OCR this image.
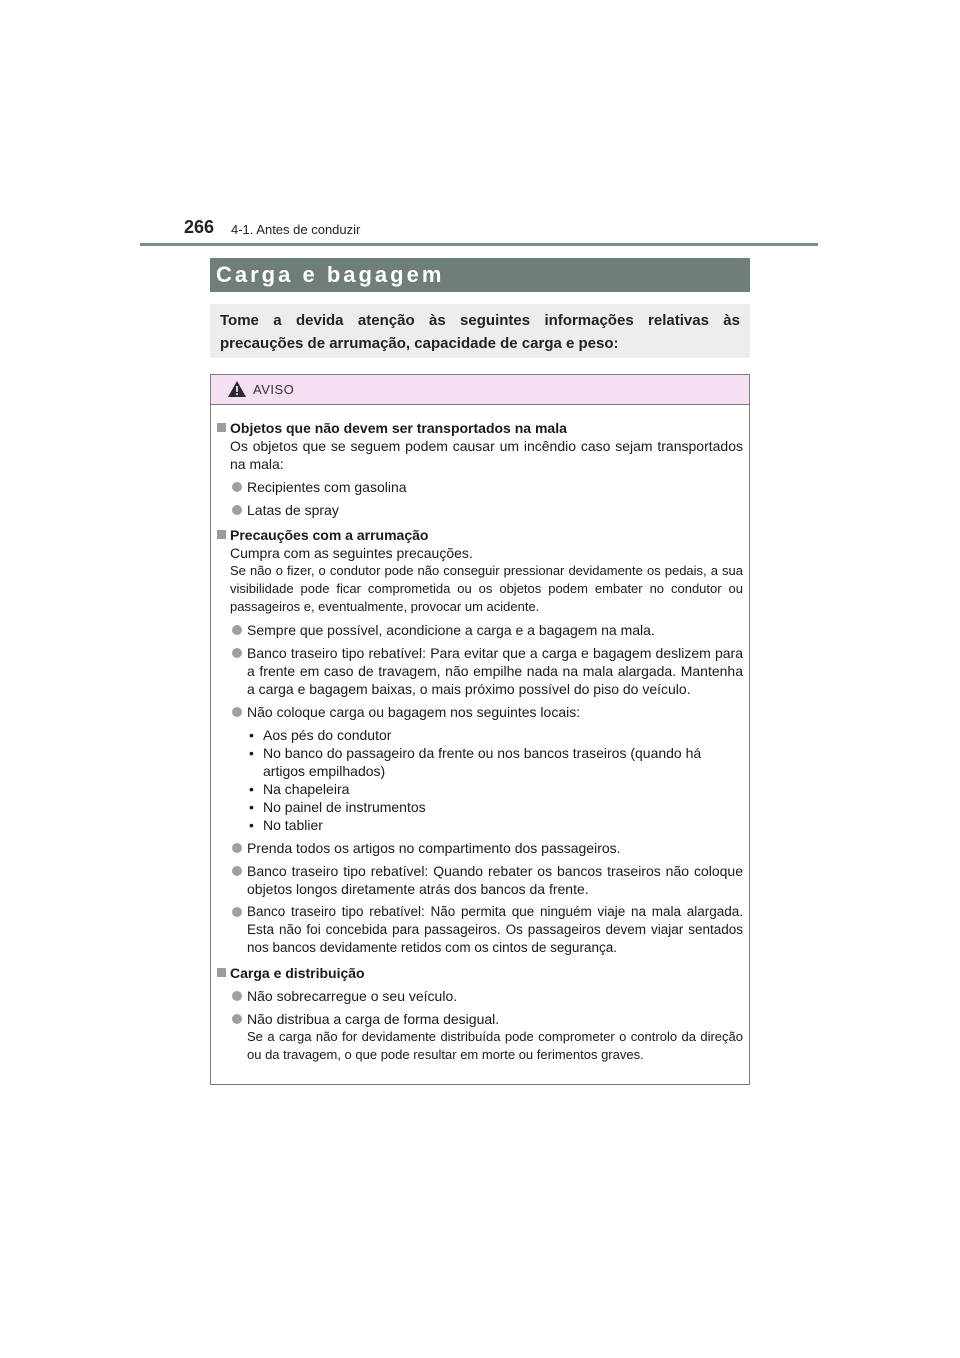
266 4-1. Antes de conduzir
Carga e bagagem
Tome a devida atenção às seguintes informações relativas às precauções de arrumação, capacidade de carga e peso:
AVISO
Objetos que não devem ser transportados na mala
Os objetos que se seguem podem causar um incêndio caso sejam transportados na mala:
Recipientes com gasolina
Latas de spray
Precauções com a arrumação
Cumpra com as seguintes precauções.
Se não o fizer, o condutor pode não conseguir pressionar devidamente os pedais, a sua visibilidade pode ficar comprometida ou os objetos podem embater no condutor ou passageiros e, eventualmente, provocar um acidente.
Sempre que possível, acondicione a carga e a bagagem na mala.
Banco traseiro tipo rebatível: Para evitar que a carga e bagagem deslizem para a frente em caso de travagem, não empilhe nada na mala alargada. Mantenha a carga e bagagem baixas, o mais próximo possível do piso do veículo.
Não coloque carga ou bagagem nos seguintes locais:
• Aos pés do condutor
• No banco do passageiro da frente ou nos bancos traseiros (quando há artigos empilhados)
• Na chapeleira
• No painel de instrumentos
• No tablier
Prenda todos os artigos no compartimento dos passageiros.
Banco traseiro tipo rebatível: Quando rebater os bancos traseiros não coloque objetos longos diretamente atrás dos bancos da frente.
Banco traseiro tipo rebatível: Não permita que ninguém viaje na mala alargada. Esta não foi concebida para passageiros. Os passageiros devem viajar sentados nos bancos devidamente retidos com os cintos de segurança.
Carga e distribuição
Não sobrecarregue o seu veículo.
Não distribua a carga de forma desigual.
Se a carga não for devidamente distribuída pode comprometer o controlo da direção ou da travagem, o que pode resultar em morte ou ferimentos graves.
